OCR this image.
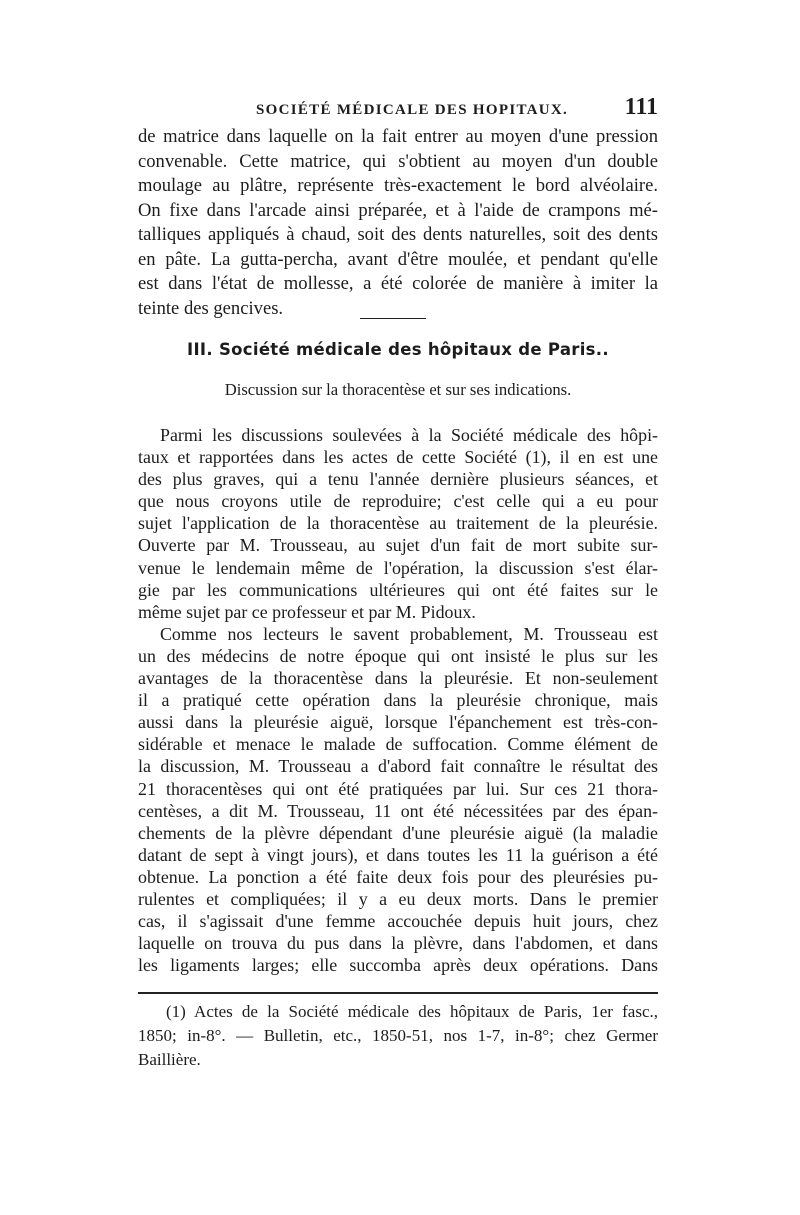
SOCIÉTÉ MÉDICALE DES HOPITAUX. 111
de matrice dans laquelle on la fait entrer au moyen d'une pression
convenable. Cette matrice, qui s'obtient au moyen d'un double
moulage au plâtre, représente très-exactement le bord alvéolaire.
On fixe dans l'arcade ainsi préparée, et à l'aide de crampons mé-
talliques appliqués à chaud, soit des dents naturelles, soit des dents
en pâte. La gutta-percha, avant d'être moulée, et pendant qu'elle
est dans l'état de mollesse, a été colorée de manière à imiter la
teinte des gencives.
III. Société médicale des hôpitaux de Paris..
Discussion sur la thoracentèse et sur ses indications.
Parmi les discussions soulevées à la Société médicale des hôpi-
taux et rapportées dans les actes de cette Société (1), il en est une
des plus graves, qui a tenu l'année dernière plusieurs séances, et
que nous croyons utile de reproduire; c'est celle qui a eu pour
sujet l'application de la thoracentèse au traitement de la pleurésie.
Ouverte par M. Trousseau, au sujet d'un fait de mort subite sur-
venue le lendemain même de l'opération, la discussion s'est élar-
gie par les communications ultérieures qui ont été faites sur le
même sujet par ce professeur et par M. Pidoux.
Comme nos lecteurs le savent probablement, M. Trousseau est
un des médecins de notre époque qui ont insisté le plus sur les
avantages de la thoracentèse dans la pleurésie. Et non-seulement
il a pratiqué cette opération dans la pleurésie chronique, mais
aussi dans la pleurésie aiguë, lorsque l'épanchement est très-con-
sidérable et menace le malade de suffocation. Comme élément de
la discussion, M. Trousseau a d'abord fait connaître le résultat des
21 thoracentèses qui ont été pratiquées par lui. Sur ces 21 thora-
centèses, a dit M. Trousseau, 11 ont été nécessitées par des épan-
chements de la plèvre dépendant d'une pleurésie aiguë (la maladie
datant de sept à vingt jours), et dans toutes les 11 la guérison a été
obtenue. La ponction a été faite deux fois pour des pleurésies pu-
rulentes et compliquées; il y a eu deux morts. Dans le premier
cas, il s'agissait d'une femme accouchée depuis huit jours, chez
laquelle on trouva du pus dans la plèvre, dans l'abdomen, et dans
les ligaments larges; elle succomba après deux opérations. Dans
(1) Actes de la Société médicale des hôpitaux de Paris, 1er fasc.,
1850; in-8°. — Bulletin, etc., 1850-51, nos 1-7, in-8°; chez Germer
Baillière.
